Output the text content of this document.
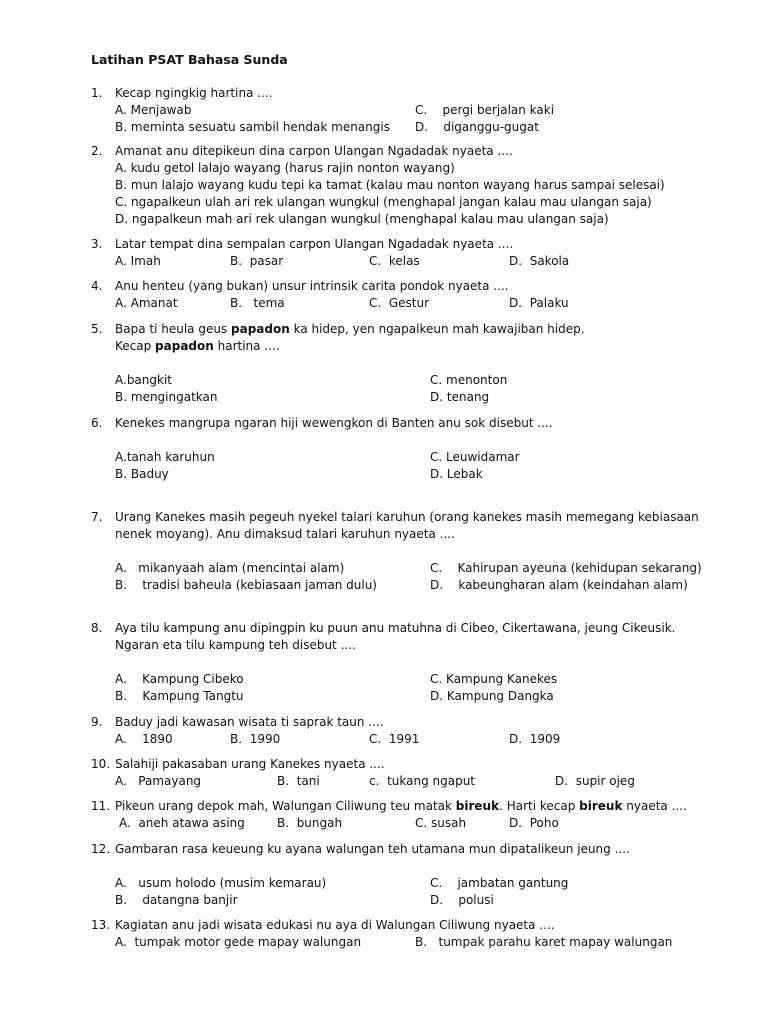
Latihan PSAT Bahasa Sunda
1. Kecap ngingkig hartina ....
A. Menjawab	C. pergi berjalan kaki
B. meminta sesuatu sambil hendak menangis D. diganggu-gugat
2. Amanat anu ditepikeun dina carpon Ulangan Ngadadak nyaeta ....
A. kudu getol lalajo wayang (harus rajin nonton wayang)
B. mun lalajo wayang kudu tepi ka tamat (kalau mau nonton wayang harus sampai selesai)
C. ngapalkeun ulah ari rek ulangan wungkul (menghapal jangan kalau mau ulangan saja)
D. ngapalkeun mah ari rek ulangan wungkul (menghapal kalau mau ulangan saja)
3. Latar tempat dina sempalan carpon Ulangan Ngadadak nyaeta ....
A. Imah	B. pasar	C. kelas	D. Sakola
4. Anu henteu (yang bukan) unsur intrinsik carita pondok nyaeta ....
A. Amanat	B. tema	C. Gestur	D. Palaku
5. Bapa ti heula geus papadon ka hidep, yen ngapalkeun mah kawajiban hidep.
Kecap papadon hartina ....
A.bangkit	C. menonton
B. mengingatkan	D. tenang
6. Kenekes mangrupa ngaran hiji wewengkon di Banten anu sok disebut ....
A.tanah karuhun	C. Leuwidamar
B. Baduy	D. Lebak
7. Urang Kanekes masih pegeuh nyekel talari karuhun (orang kanekes masih memegang kebiasaan
nenek moyang). Anu dimaksud talari karuhun nyaeta ....
A. mikanyaah alam (mencintai alam)	C. Kahirupan ayeuna (kehidupan sekarang)
B. tradisi baheula (kebiasaan jaman dulu)	D. kabeungharan alam (keindahan alam)
8. Aya tilu kampung anu dipingpin ku puun anu matuhna di Cibeo, Cikertawana, jeung Cikeusik.
Ngaran eta tilu kampung teh disebut ....
A. Kampung Cibeko	C. Kampung Kanekes
B. Kampung Tangtu	D. Kampung Dangka
9. Baduy jadi kawasan wisata ti saprak taun ....
A. 1890	B. 1990	C. 1991	D. 1909
10. Salahiji pakasaban urang Kanekes nyaeta ....
A. Pamayang	B. tani	c. tukang ngaput	D. supir ojeg
11. Pikeun urang depok mah, Walungan Ciliwung teu matak bireuk. Harti kecap bireuk nyaeta ....
A. aneh atawa asing	B. bungah	C. susah	D. Poho
12. Gambaran rasa keueung ku ayana walungan teh utamana mun dipatalikeun jeung ....
A. usum holodo (musim kemarau)	C. jambatan gantung
B. datangna banjir	D. polusi
13. Kagiatan anu jadi wisata edukasi nu aya di Walungan Ciliwung nyaeta ....
A. tumpak motor gede mapay walungan	B. tumpak parahu karet mapay walungan
